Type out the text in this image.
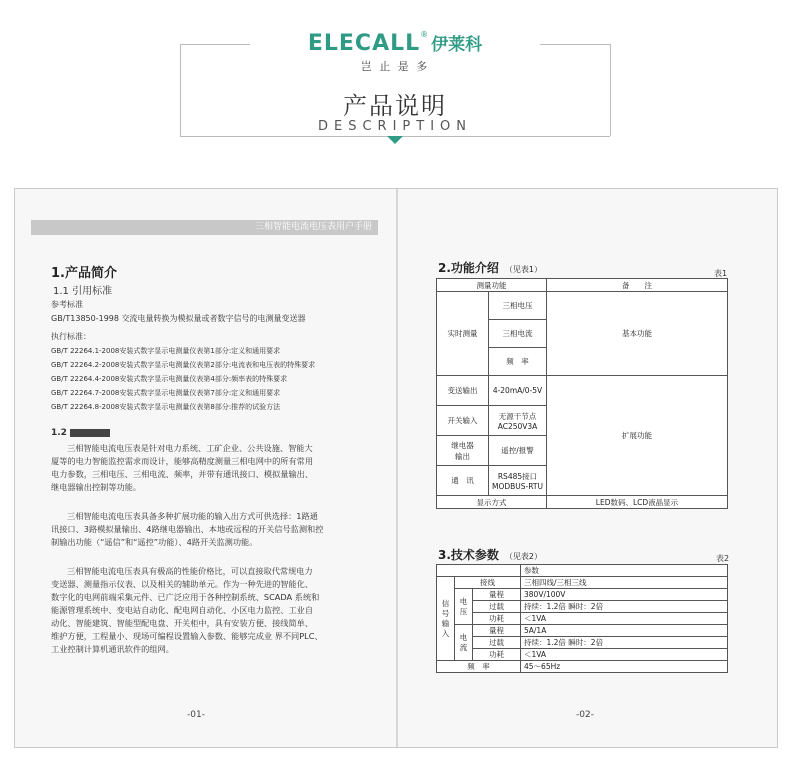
ELECALL®伊莱科
岂 止 是 多
产品说明
DESCRIPTION
三相智能电流电压表用户手册
1.产品简介
1.1 引用标准
参考标准
GB/T13850-1998 交流电量转换为模拟量或者数字信号的电测量变送器
执行标准：
GB/T 22264.1-2008安装式数字显示电测量仪表第1部分:定义和通用要求
GB/T 22264.2-2008安装式数字显示电测量仪表第2部分:电流表和电压表的特殊要求
GB/T 22264.4-2008安装式数字显示电测量仪表第4部分:频率表的特殊要求
GB/T 22264.7-2008安装式数字显示电测量仪表第7部分:定义和通用要求
GB/T 22264.8-2008安装式数字显示电测量仪表第8部分:推荐的试验方法
1.2
三相智能电流电压表是针对电力系统、工矿企业、公共设施、智能大
厦等的电力智能监控需求而设计，能够高精度测量三相电网中的所有常用
电力参数，三相电压、三相电流、频率，并带有通讯接口、模拟量输出、
继电器输出控制等功能。
三相智能电流电压表具备多种扩展功能的输入出方式可供选择：1路通
讯接口、3路模拟量输出、4路继电器输出、本地或远程的开关信号监测和控
制输出功能（“遥信”和“遥控”功能）、4路开关监测功能。
三相智能电流电压表具有极高的性能价格比，可以直接取代常规电力
变送器、测量指示仪表、以及相关的辅助单元。作为一种先进的智能化、
数字化的电网前端采集元件、已广泛应用于各种控制系统、SCADA 系统和
能源管理系统中、变电站自动化、配电网自动化、小区电力监控、工业自
动化、智能建筑、智能型配电盘、开关柜中，具有安装方便、接线简单、
维护方便，工程量小、现场可编程设置输入参数、能够完成业 界不同PLC、
工业控制计算机通讯软件的组网。
-01-
2.功能介绍 （见表1）	表1
测量功能		备　　注
实时测量	三相电压	基本功能
	三相电流	
	频　率	
变送输出	4-20mA/0-5V	扩展功能
开关输入	无源干节点
AC250V3A	

继电器
输出	遥控/报警	
通　讯	RS485接口
MODBUS-RTU	

显示方式		LED数码、LCD液晶显示
3.技术参数 （见表2）	表2
			参数
信号输入	接线		三相四线/三相三线
	电压	量程	380V/100V
		过载	持续：1.2倍 瞬时：2倍
		功耗	＜1VA
	电流	量程	5A/1A
		过载	持续：1.2倍 瞬时：2倍
		功耗	＜1VA
频　率			45～65Hz
-02-
